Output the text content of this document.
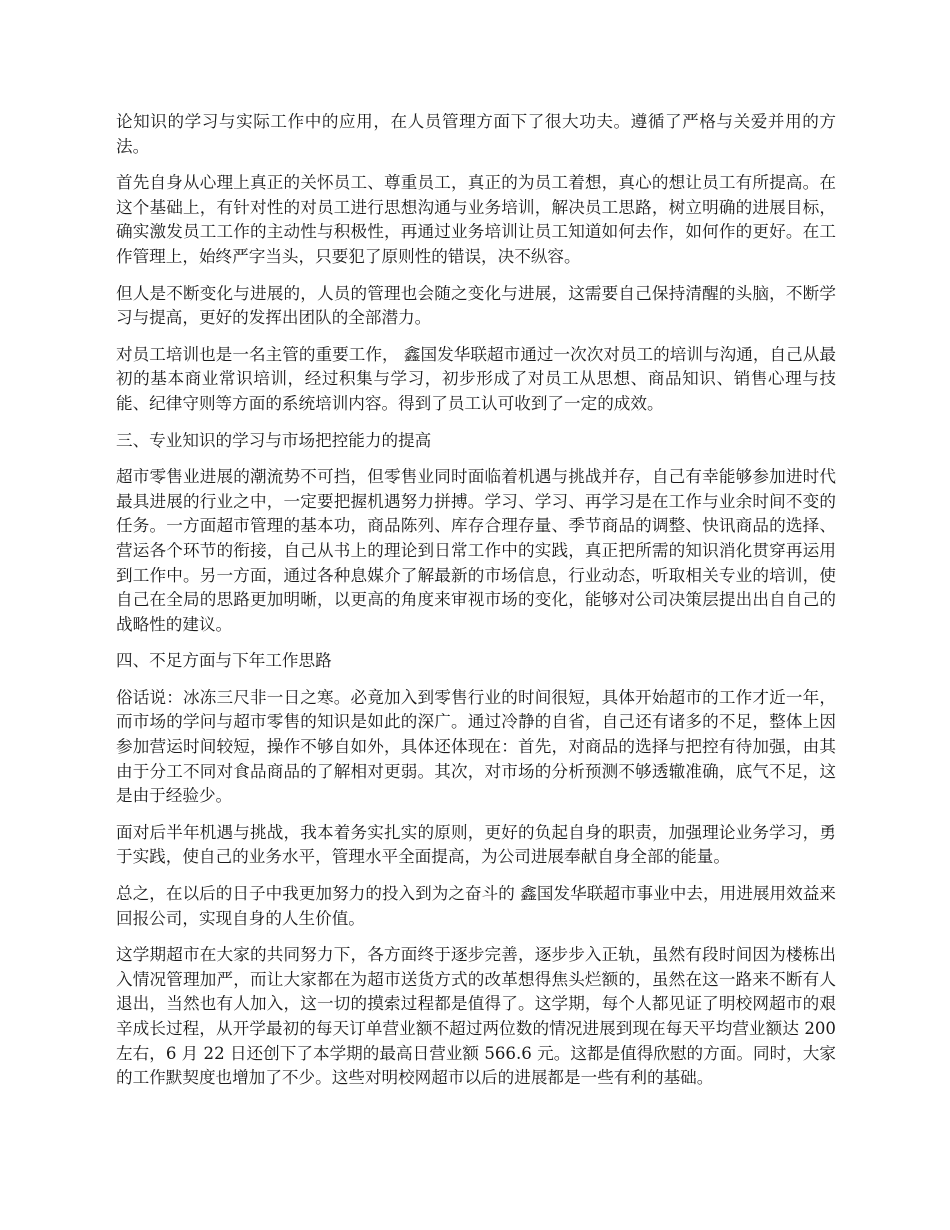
论知识的学习与实际工作中的应用，在人员管理方面下了很大功夫。遵循了严格与关爱并用的方法。

首先自身从心理上真正的关怀员工、尊重员工，真正的为员工着想，真心的想让员工有所提高。在这个基础上，有针对性的对员工进行思想沟通与业务培训，解决员工思路，树立明确的进展目标，确实激发员工工作的主动性与积极性，再通过业务培训让员工知道如何去作，如何作的更好。在工作管理上，始终严字当头，只要犯了原则性的错误，决不纵容。

但人是不断变化与进展的，人员的管理也会随之变化与进展，这需要自己保持清醒的头脑，不断学习与提高，更好的发挥出团队的全部潜力。

对员工培训也是一名主管的重要工作， 鑫国发华联超市通过一次次对员工的培训与沟通，自己从最初的基本商业常识培训，经过积集与学习，初步形成了对员工从思想、商品知识、销售心理与技能、纪律守则等方面的系统培训内容。得到了员工认可收到了一定的成效。

三、专业知识的学习与市场把控能力的提高

超市零售业进展的潮流势不可挡，但零售业同时面临着机遇与挑战并存，自己有幸能够参加进时代最具进展的行业之中，一定要把握机遇努力拼搏。学习、学习、再学习是在工作与业余时间不变的任务。一方面超市管理的基本功，商品陈列、库存合理存量、季节商品的调整、快讯商品的选择、营运各个环节的衔接，自己从书上的理论到日常工作中的实践，真正把所需的知识消化贯穿再运用到工作中。另一方面，通过各种息媒介了解最新的市场信息，行业动态，听取相关专业的培训，使自己在全局的思路更加明晰，以更高的角度来审视市场的变化，能够对公司决策层提出出自自己的战略性的建议。

四、不足方面与下年工作思路

俗话说：冰冻三尺非一日之寒。必竟加入到零售行业的时间很短，具体开始超市的工作才近一年，而市场的学问与超市零售的知识是如此的深广。通过冷静的自省，自己还有诸多的不足，整体上因参加营运时间较短，操作不够自如外，具体还体现在：首先，对商品的选择与把控有待加强，由其由于分工不同对食品商品的了解相对更弱。其次，对市场的分析预测不够透辙准确，底气不足，这是由于经验少。

面对后半年机遇与挑战，我本着务实扎实的原则，更好的负起自身的职责，加强理论业务学习，勇于实践，使自己的业务水平，管理水平全面提高，为公司进展奉献自身全部的能量。

总之，在以后的日子中我更加努力的投入到为之奋斗的 鑫国发华联超市事业中去，用进展用效益来回报公司，实现自身的人生价值。

这学期超市在大家的共同努力下，各方面终于逐步完善，逐步步入正轨，虽然有段时间因为楼栋出入情况管理加严，而让大家都在为超市送货方式的改革想得焦头烂额的，虽然在这一路来不断有人退出，当然也有人加入，这一切的摸索过程都是值得了。这学期，每个人都见证了明校网超市的艰辛成长过程，从开学最初的每天订单营业额不超过两位数的情况进展到现在每天平均营业额达 200 左右，6 月 22 日还创下了本学期的最高日营业额 566.6 元。这都是值得欣慰的方面。同时，大家的工作默契度也增加了不少。这些对明校网超市以后的进展都是一些有利的基础。
